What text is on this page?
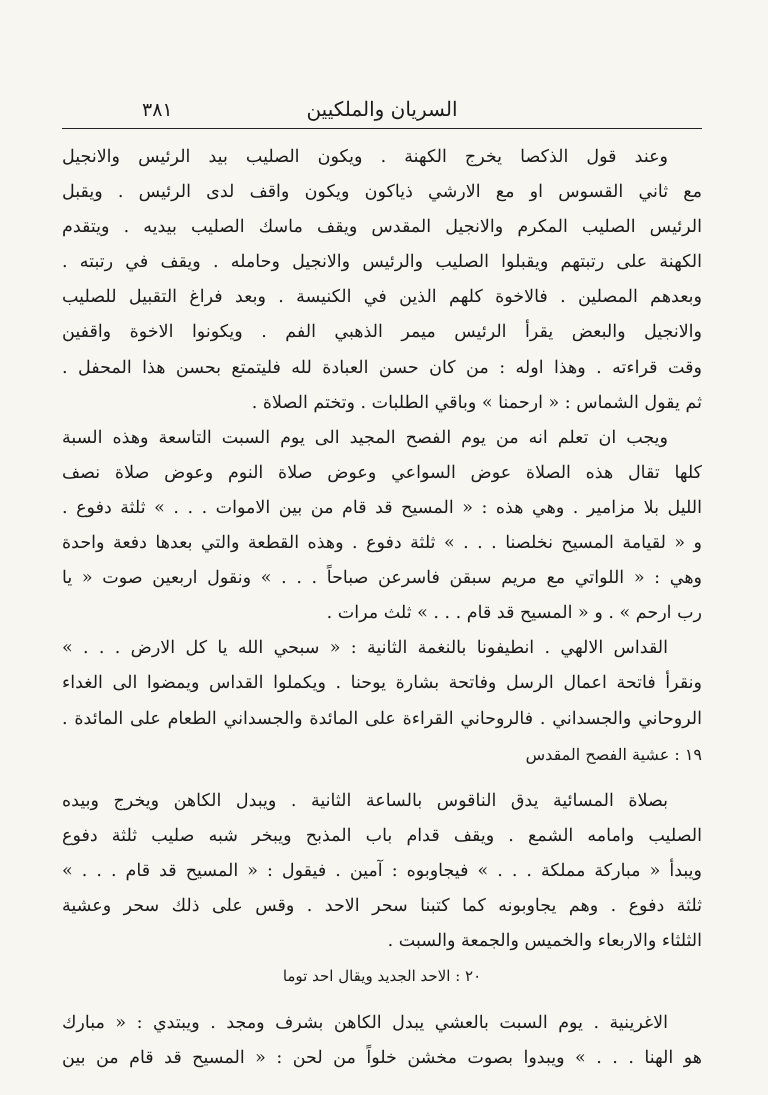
٣٨١	السريان والملكيين
وعند قول الذكصا يخرج الكهنة . ويكون الصليب بيد الرئيس والانجيل
مع ثاني القسوس او مع الارشي ذياكون ويكون واقف لدى الرئيس . ويقبل
الرئيس الصليب المكرم والانجيل المقدس ويقف ماسك الصليب بيديه . ويتقدم
الكهنة على رتبتهم ويقبلوا الصليب والرئيس والانجيل وحامله . ويقف في رتبته .
وبعدهم المصلين . فالاخوة كلهم الذين في الكنيسة . وبعد فراغ التقبيل للصليب
والانجيل والبعض يقرأ الرئيس ميمر الذهبي الفم . ويكونوا الاخوة واقفين
وقت قراءته . وهذا اوله : من كان حسن العبادة لله فليتمتع بحسن هذا المحفل .
ثم يقول الشماس : « ارحمنا » وباقي الطلبات . وتختم الصلاة .
ويجب ان تعلم انه من يوم الفصح المجيد الى يوم السبت التاسعة وهذه السبة
كلها تقال هذه الصلاة عوض السواعي وعوض صلاة النوم وعوض صلاة نصف
الليل بلا مزامير . وهي هذه : « المسيح قد قام من بين الاموات . . . » ثلثة دفوع .
و « لقيامة المسيح نخلصنا . . . » ثلثة دفوع . وهذه القطعة والتي بعدها دفعة واحدة
وهي : « اللواتي مع مريم سبقن فاسرعن صباحاً . . . » ونقول اربعين صوت « يا
رب ارحم » . و « المسيح قد قام . . . » ثلث مرات .
القداس الالهي . انطيفونا بالنغمة الثانية : « سبحي الله يا كل الارض . . . »
ونقرأ فاتحة اعمال الرسل وفاتحة بشارة يوحنا . ويكملوا القداس ويمضوا الى الغداء
الروحاني والجسداني . فالروحاني القراءة على المائدة والجسداني الطعام على المائدة .
١٩ : عشية الفصح المقدس
بصلاة المسائية يدق الناقوس بالساعة الثانية . ويبدل الكاهن ويخرج وبيده
الصليب وامامه الشمع . ويقف قدام باب المذبح ويبخر شبه صليب ثلثة دفوع
ويبدأ « مباركة مملكة . . . » فيجاوبوه : آمين . فيقول : « المسيح قد قام . . . »
ثلثة دفوع . وهم يجاوبونه كما كتبنا سحر الاحد . وقس على ذلك سحر وعشية
الثلثاء والاربعاء والخميس والجمعة والسبت .
٢٠ : الاحد الجديد ويقال احد توما
الاغرينية . يوم السبت بالعشي يبدل الكاهن بشرف ومجد . ويبتدي : « مبارك
هو الهنا . . . » ويبدوا بصوت مخشن خلواً من لحن : « المسيح قد قام من بين
